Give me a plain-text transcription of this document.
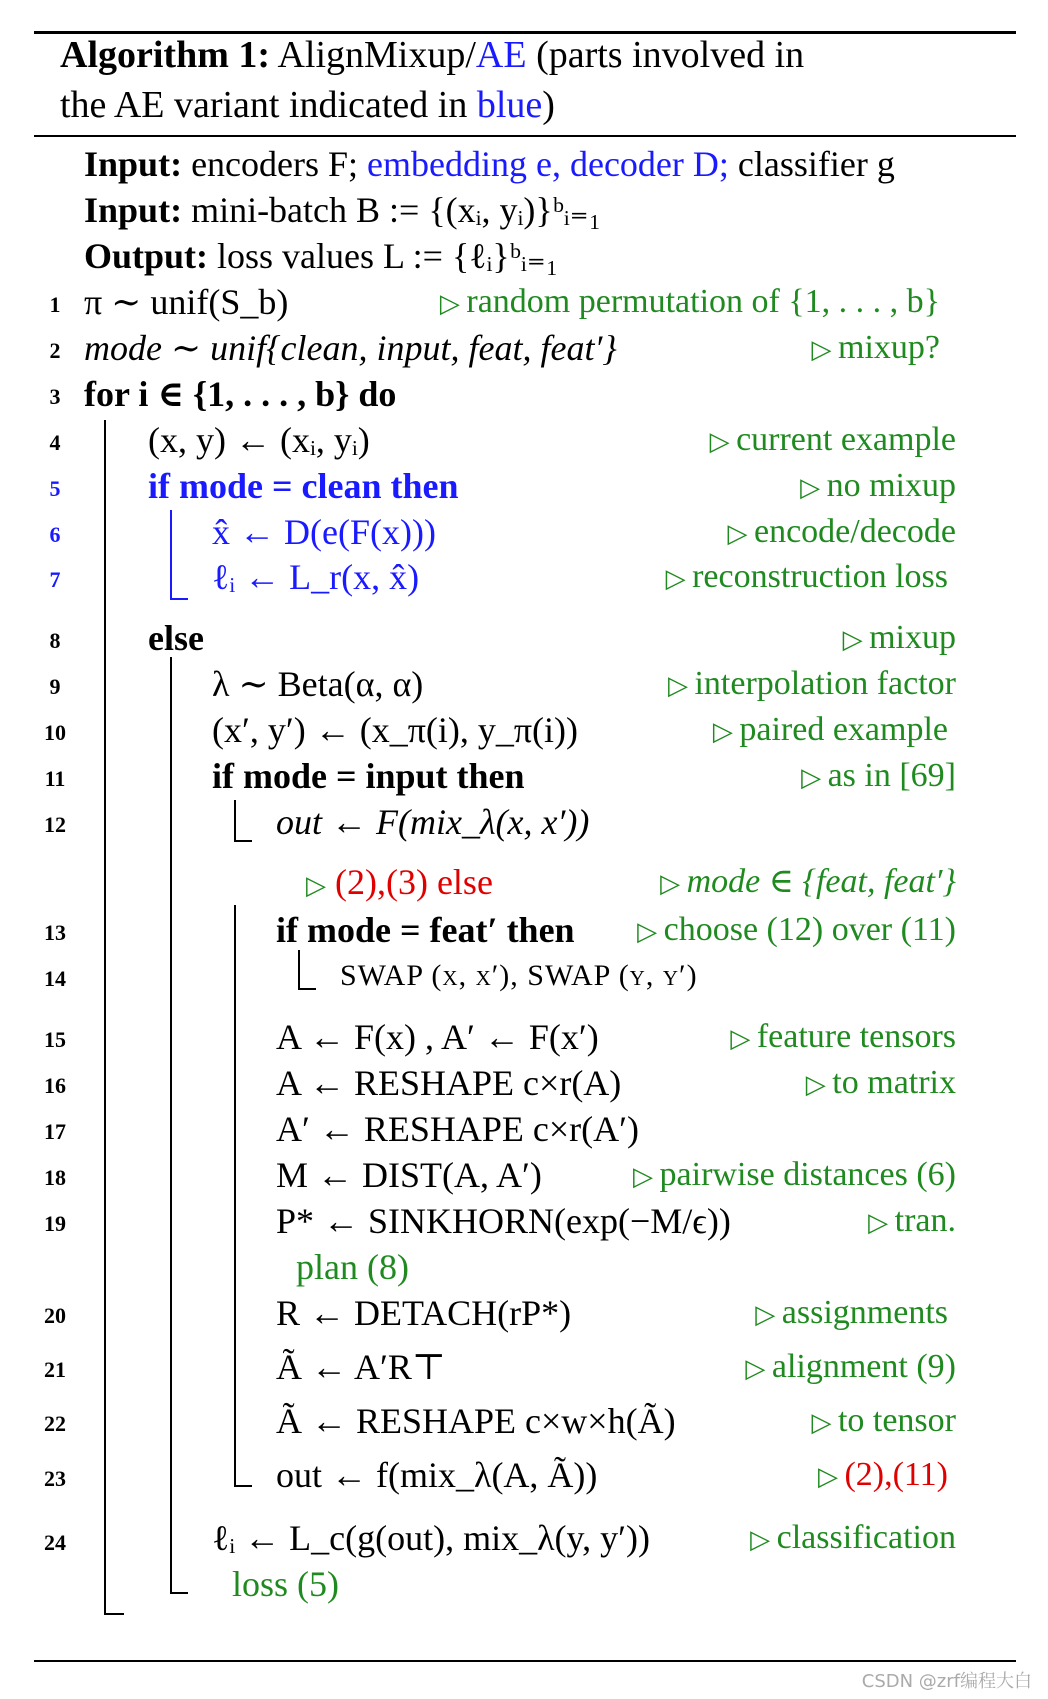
Algorithm 1: AlignMixup/AE (parts involved in
the AE variant indicated in blue)
Input: encoders F; embedding e, decoder D; classifier g
Input: mini-batch B := {(xᵢ, yᵢ)}ᵇᵢ₌₁
Output: loss values L := {ℓᵢ}ᵇᵢ₌₁
1
2
3
4
5
6
7
8
9
10
11
12
13
14
15
16
17
18
19
20
21
22
23
24
π ∼ unif(S_b)
mode ∼ unif{clean, input, feat, feat′}
for i ∈ {1, . . . , b} do
(x, y) ← (xᵢ, yᵢ)
if mode = clean then
x̂ ← D(e(F(x)))
ℓᵢ ← L_r(x, x̂)
else
λ ∼ Beta(α, α)
(x′, y′) ← (x_π(i), y_π(i))
if mode = input then
out ← F(mix_λ(x, x′))
▷ (2),(3) else
if mode = feat′ then
SWAP (x, x′), SWAP (y, y′)
A ← F(x) , A′ ← F(x′)
A ← RESHAPE c×r(A)
A′ ← RESHAPE c×r(A′)
M ← DIST(A, A′)
P* ← SINKHORN(exp(−M/ϵ))
plan (8)
R ← DETACH(rP*)
Ã ← A′R⊤
Ã ← RESHAPE c×w×h(Ã)
out ← f(mix_λ(A, Ã))
ℓᵢ ← L_c(g(out), mix_λ(y, y′))
loss (5)
▷ random permutation of {1, . . . , b}
▷ mixup?
▷ current example
▷ no mixup
▷ encode/decode
▷ reconstruction loss
▷ mixup
▷ interpolation factor
▷ paired example
▷ as in [69]
▷ mode ∈ {feat, feat′}
▷ choose (12) over (11)
▷ feature tensors
▷ to matrix
▷ pairwise distances (6)
▷ tran.
▷ assignments
▷ alignment (9)
▷ to tensor
▷ (2),(11)
▷ classification
CSDN @zrf编程大白
